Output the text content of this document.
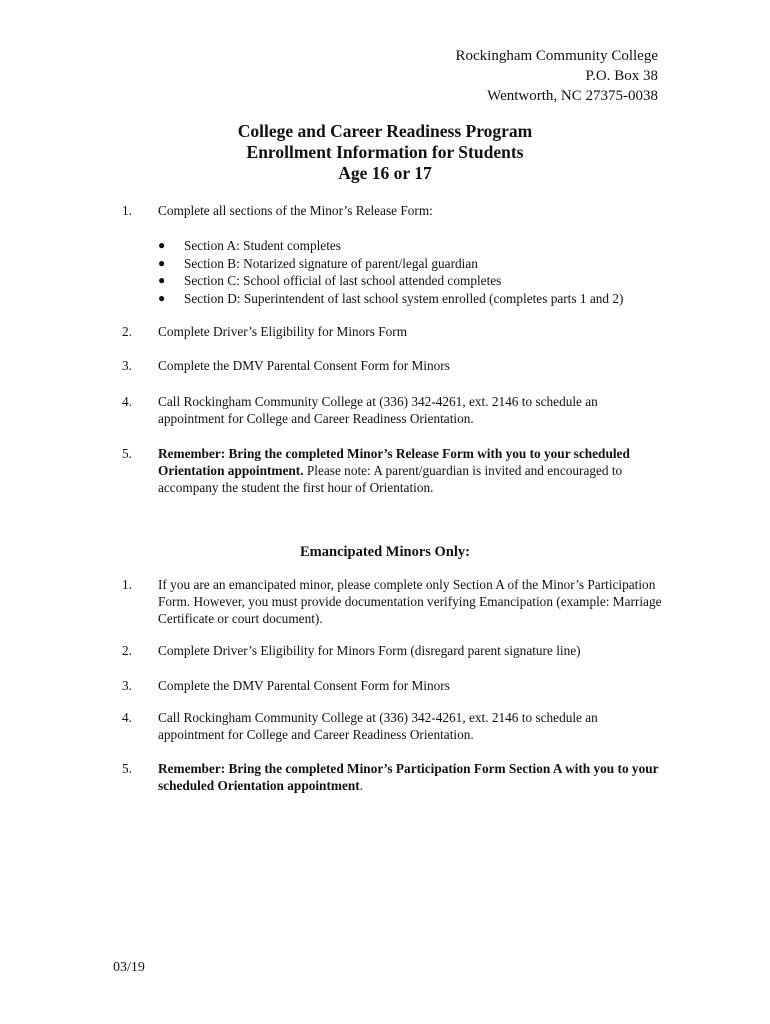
Rockingham Community College
P.O. Box 38
Wentworth, NC 27375-0038
College and Career Readiness Program
Enrollment Information for Students
Age 16 or 17
1. Complete all sections of the Minor’s Release Form:
● Section A: Student completes
● Section B: Notarized signature of parent/legal guardian
● Section C: School official of last school attended completes
● Section D: Superintendent of last school system enrolled (completes parts 1 and 2)
2. Complete Driver’s Eligibility for Minors Form
3. Complete the DMV Parental Consent Form for Minors
4. Call Rockingham Community College at (336) 342-4261, ext. 2146 to schedule an appointment for College and Career Readiness Orientation.
5. Remember: Bring the completed Minor’s Release Form with you to your scheduled Orientation appointment. Please note: A parent/guardian is invited and encouraged to accompany the student the first hour of Orientation.
Emancipated Minors Only:
1. If you are an emancipated minor, please complete only Section A of the Minor’s Participation Form. However, you must provide documentation verifying Emancipation (example: Marriage Certificate or court document).
2. Complete Driver’s Eligibility for Minors Form (disregard parent signature line)
3. Complete the DMV Parental Consent Form for Minors
4. Call Rockingham Community College at (336) 342-4261, ext. 2146 to schedule an appointment for College and Career Readiness Orientation.
5. Remember: Bring the completed Minor’s Participation Form Section A with you to your scheduled Orientation appointment.
03/19
